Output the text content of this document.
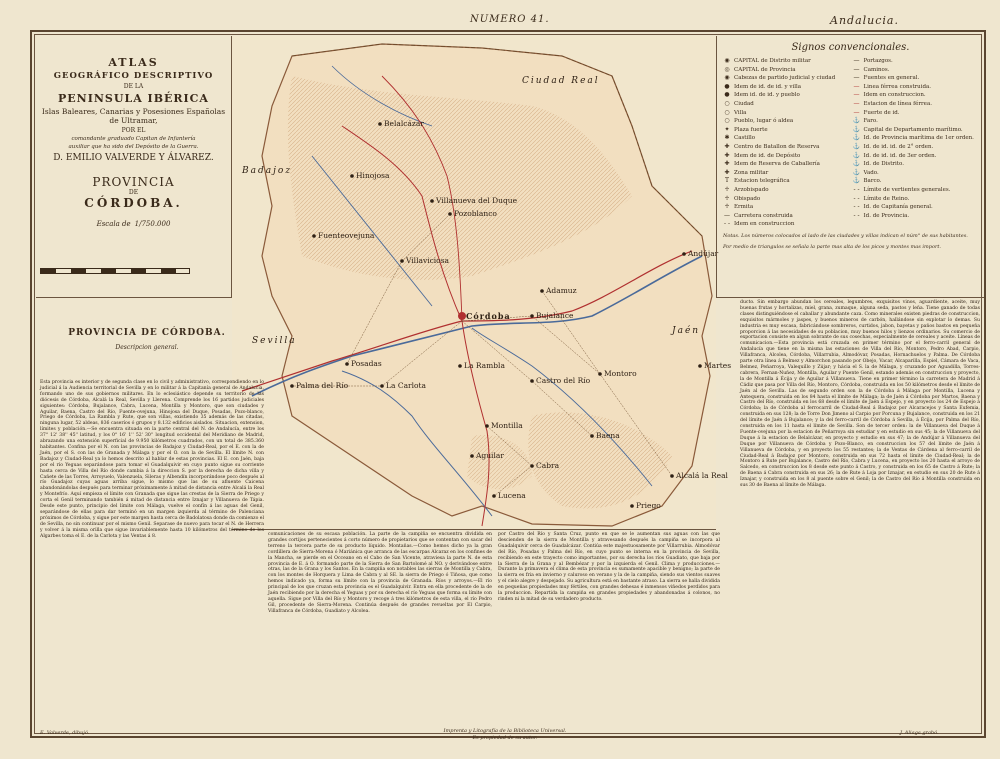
NUMERO 41.	Andalucia.
ATLAS
GEOGRÁFICO DESCRIPTIVO
DE LA
PENINSULA IBÉRICA
Islas Baleares, Canarias y Posesiones Españolas de Ultramar,
POR EL
comandante graduado Capitan de Infantería
auxiliar que ha sido del Depósito de la Guerra.
D. EMILIO VALVERDE Y ÁLVAREZ.
PROVINCIA
DE
CÓRDOBA.
Escala de 1/750.000
Belalcázar
Fuenteovejuna
Hinojosa
Villanueva del Duque
Pozoblanco
Villaviciosa
Montoro
Adamuz
Andújar
Córdoba
Posadas
Palma del Río	La Carlota
La Rambla
Bujalance
Castro del Río
Baena
Montilla
Aguilar
Cabra
Lucena
Martes
Alcalá la Real
Priego
Badajoz
Ciudad Real
Sevilla
Jaén
Signos convencionales.
◉ CAPITAL de Distrito militar
◎ CAPITAL de Provincia
◉ Cabezas de partido judicial y ciudad
● Idem de id. de id. y villa
● Idem id. de id. y pueblo
○ Ciudad
○ Villa
○ Pueblo, lugar ó aldea
✦ Plaza fuerte
✱ Castillo
✚ Centro de Batallon de Reserva
✚ Idem de id. de Depósito
✚ Idem de Reserva de Caballería
✚ Zona militar
T Estacion telegráfica
♱ Arzobispado
♱ Obispado
♱ Ermita
— Carretera construida
- - Idem en construccion
— Portazgos.
— Caminos.
— Fuentes en general.
— Linea férrea construida.
— Idem en construccion.
— Estacion de línea férrea.
— Fuerte de id.
⚓ Faro.
⚓ Capital de Departamento marítimo.
⚓ Id. de Provincia marítima de 1er orden.
⚓ Id. de id. id. de 2° orden.
⚓ Id. de id. id. de 3er orden.
⚓ Id. de Distrito.
⚓ Vado.
⚓ Barco.
- - Límite de vertientes generales.
- - Límite de Reino.
- - Id. de Capitanía general.
- - Id. de Provincia.
Notas. Los números colocados al lado de las ciudades y villas indican el núm° de sus habitantes.
Por medio de triangulos se señala la parte mas alta de los picos y montes mas import.
PROVINCIA DE CÓRDOBA.
Descripcion general.
Esta provincia es interior y de segunda clase en lo civil y administrativo, correspondiendo en lo judicial á la Audiencia territorial de Sevilla y en lo militar á la Capitanía general de Andalucía, formando uno de sus gobiernos militares. En lo eclesiástico depende su territorio de las diócesis de Córdoba, Alcalá la Real, Sevilla y Llerena. Comprende los 16 partidos judiciales siguientes: Córdoba, Bujalance, Cabra, Lucena, Montilla y Montoro, que son ciudades y Aguilar, Baena, Castro del Río, Fuente-ovejuna, Hinojosa del Duque, Posadas, Pozo-blanco, Priego de Córdoba, La Rambla y Rute, que son villas, existiendo 35 además de las citadas, ninguna lugar, 52 aldeas, 836 caseríos ó grupos y 8.132 edificios aislados. Situacion, extension, límites y población.—Se encuentra situada en la parte central del N. de Andalucía, entre los 37° 12' 38'' 45'' latitud, y los 0° 16' 1'' 52' 30'' longitud occidental del Meridiano de Madrid, abrazando una extensión superficial de 9.950 kilómetros cuadrados, con un total de 385.360 habitantes. Confina por el N. con las provincias de Badajoz y Ciudad-Real, por el E. con la de Jaén, por el S. con las de Granada y Málaga y por el O. con la de Sevilla. El límite N. con Badajoz y Ciudad-Real ya lo hemos descrito al hablar de estas provincias. El E. con Jaén, baja por el río Yeguas separándose para tomar el Guadalquivir en cuyo punto sigue su corriente hasta cerca de Villa del Río donde cambia á la direccion S. por la derecha de dicha villa y Cañete de las Torres, Arroyuelo, Valenzuela, Sileras y Albendín incorporándose poco después al río Guadajoz cuyas aguas arriba sigue, lo mismo que las de su afluente Caicena abandonándolas después para terminar próximamente á mitad de distancia entre Alcalá la Real y Montefrío. Aquí empieza el límite con Granada que sigue las crestas de la Sierra de Priego y corta el Genil terminando también á mitad de distancia entre Iznajar y Villanueva de Tápia. Desde este punto, principio del límite con Málaga, vuelve el confín á las aguas del Genil, separándose de ellas para dar terminó en un margen izquierda al término de Palenciana próximos de Córdoba, y sigue por este margen hasta cerca de Badolatosa donde da comienzo el de Sevilla, no sin continuar por el mismo Genil. Separase de nuevo para tocar el N. de Herrera y volver á la misma orilla que sigue invariablemente hasta 10 kilómetros del término de los Algarbes toma el E. de la Carlota y las Ventas á 8.	comunicaciones de su escasa población. La parte de la campiña se encuentra dividida en grandes cortijos pertenecientes á corto número de propietarios que se contentan con sacar del terreno la tercera parte de su producto líquido. Montañas.—Como hemos dicho ya la gran cordillera de Sierra-Morena ó Mariánica que arranca de las escarpas Alcaraz en los confines de la Mancha, se pierde en el Occeano en el Cabo de San Vicente, atraviesa la parte N. de esta provincia de E. á O. formando parte de la Sierra de San Bartolomé al NO. y derivándose entre otras, las de la Grana y los Santos. En la campiña son notables las sierras de Montilla y Cabra, con los montes de Horquera y Lima de Cabra y al SE. la sierra de Priego ó Tiñosa, que como hemos indicado ya, forma su límite con la provincia de Granada. Ríos y arroyos.—El río principal de los que cruzan esta provincia es el Guadalquivir. Entra en ella procedente de la de Jaén recibiendo por la derecha el Yeguas y por su derecha el río Yeguas que forma su límite con aquella. Sigue por Villa del Río y Montoro y recoge á tres kilómetros de esta villa, el río Pedro Gil, procedente de Sierra-Morena. Continúa después de grandes revueltas por El Carpio, Villafranca de Córdoba, Guadiato y Alcolea.
por Castro del Río y Santa Cruz, punto en que se le aumentan sus aguas con las que descienden de la sierra de Montilla y atravesando después la campiña se incorpora al Guadalquivir cerca de Guadalcázar. Contiúa este majestuosamente por Villarrubia. Almodóvar del Río, Posadas y Palma del Río, en cuyo punto se interna en la provincia de Sevilla, recibiendo en este trayecto como importantes, por su derecha los ríos Guadiato, que baja por la Sierra de la Grana y al Bembézar y por la izquierda el Genil. Clima y producciones.—Durante la primavera el clima de esta provincia es sumamente apacible y benigno; la parte de la sierra es fria en invierno y caluroso en verano y la de la campiña, siendo sus vientos suaves y el cielo alegre y despejado. Su agricultura está en bastante atraso. La sierra se halla dividida en pequeñas propiedades muy fértiles, con grandes dehesas é inmensos viñedos perdidos para la produccion. Repartida la campiña en grandes propiedades y abandonadas á colonos, no rinden ni la mitad de su verdadero producto.
ducto. Sin embargo abundan los cereales, legumbres, exquisitos vinos, aguardiente, aceite, muy buenas frutas y hortalizas, miel, grana, zumaque, alguna seda, pastos y leña. Tiene ganado de todas clases distinguiéndose el caballar y abundante caza. Como minerales existen piedras de construccion, exquisitos mármoles y jaspes, y buenos mineros de carbón, hallándose sin explotar lo demas. Su industria es muy escasa, fabricándose sombreros, curtidos, jabon, bayetas y paños bastos en pequeña proporcion á las necesidades de su poblacion, muy buenos hilos y lienzos ordinarios. Su comercio de exportacion consiste en algun sobrante de sus cosechas, especialmente de cereales y aceite. Líneas de comunicacion.—Esta provincia está cruzada en primer término por el ferro-carril general de Andalucía que tiene en la misma las estaciones de Villa del Río, Montoro, Pedro Abad, Carpio, Villafranca, Alcolea, Córdoba, Villarrubia, Almodóvar, Posadas, Hornachuelos y Palma. De Córdoba parte otra línea á Belmez y Almorchon pasando por Obejo, Vacar, Alcaparilla, Espiel, Cámara de Vaca, Belmez, Peñarroya, Valequillo y Zújar; y hácia el S. la de Málaga, y cruzando por Aguadilla, Torres-cabrera, Fernan-Nuñez, Montilla, Aguilar y Puente Genil, estando además en construccion y proyecto, la de Montilla á Écija y de Aguilar á Villanueva. Tiene en primer término la carretera de Madrid á Cádiz que pasa por Villa del Río, Montoro, Córdoba, construida en los 50 kilómetros desde el límite de Jaén al de Sevilla. Las de segundo orden son la de Córdoba á Málaga por Montilla, Lucena y Antequera, construida en los 84 hasta el límite de Málaga; la de Jaén á Córdoba por Martos, Baena y Castro del Río, construida en los 68 desde el límite de Jaén á Espejo, y en proyecto los 24 de Espejo á Córdoba; la de Córdoba al ferrocarril de Ciudad-Real á Badajoz por Alcaracejos y Santa Eufemia, construida en sus 128; la de Torre Don Jimeno al Carpio por Porcuna y Bujalance, construida en los 21 del límite de Jaén á Bujalance; y la del ferro-carril de Córdoba á Sevilla, á Écija, por Palma del Río, construida en los 11 hasta el límite de Sevilla. Son de tercer orden: la de Villanueva del Duque á Fuente-ovejuna por la estacion de Peñarroya sin estudiar y en estudio en sus 45; la de Villanueva del Duque á la estacion de Belalcázar, en proyecto y estudio en sus 47; la de Andújar á Villanueva del Duque por Villanueva de Córdoba y Pozo-Blanco, en construccion los 57 del límite de Jaén á Villanueva de Córdoba, y en proyecto los 55 restantes; la de Ventas de Cárdena al ferro-carril de Ciudad-Real á Badajoz por Montoro, construida en sus 72 hasta el límite de Ciudad-Real; la de Montoro á Rute por Bujalance, Castro del Río, Cabra y Lucena, en proyecto los 20 hasta el arroyo de Salcedo, en construccion los 8 desde este punto á Castro, y construida en los 65 de Castro á Rute; la de Baena á Cabra construida en sus 26; la de Rute á Loja por Iznajar, en estudio en sus 20 de Rute á Iznajar, y construida en los 8 al puente sobre el Genil; la de Castro del Río á Montilla construida en sus 30 de Baena al límite de Málaga.
E. Valverde, dibujó.	Imprenta y Litografía de la Biblioteca Universal.
Es propiedad de su autor.
J. Aliaga grabó.
